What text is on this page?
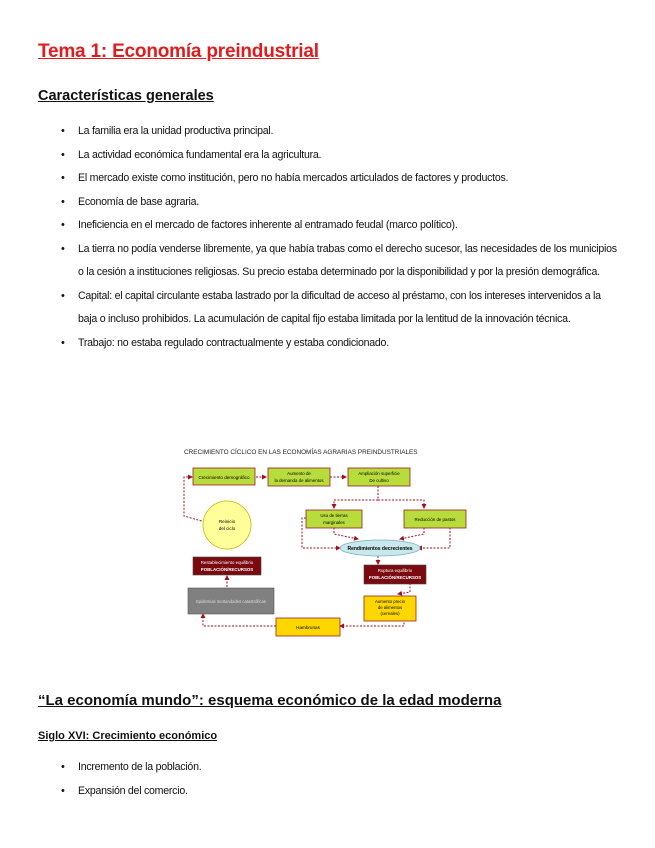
Tema 1: Economía preindustrial
Características generales
• La familia era la unidad productiva principal.
• La actividad económica fundamental era la agricultura.
• El mercado existe como institución, pero no había mercados articulados de factores y productos.
• Economía de base agraria.
• Ineficiencia en el mercado de factores inherente al entramado feudal (marco político).
• La tierra no podía venderse libremente, ya que había trabas como el derecho sucesor, las necesidades de los municipios o la cesión a instituciones religiosas. Su precio estaba determinado por la disponibilidad y por la presión demográfica.
• Capital: el capital circulante estaba lastrado por la dificultad de acceso al préstamo, con los intereses intervenidos a la baja o incluso prohibidos. La acumulación de capital fijo estaba limitada por la lentitud de la innovación técnica.
• Trabajo: no estaba regulado contractualmente y estaba condicionado.
CRECIMIENTO CÍCLICO EN LAS ECONOMÍAS AGRARIAS PREINDUSTRIALES
Crecimiento demográfico
Aumento de
la demanda de alimentos
Ampliación superficie
De cultivo
Uso de tierras
marginales
Reducción de pastos
Rendimientos decrecientes
Reinicio
del ciclo
Restablecimiento equilibrio
POBLACIÓN/RECURSOS	Ruptura equilibrio
POBLACIÓN/RECURSOS
Epidemias mortandades catastróficas	Aumento precio
de alimentos
(cereales)
Hambrunas
“La economía mundo”: esquema económico de la edad moderna
Siglo XVI: Crecimiento económico
• Incremento de la población.
• Expansión del comercio.
